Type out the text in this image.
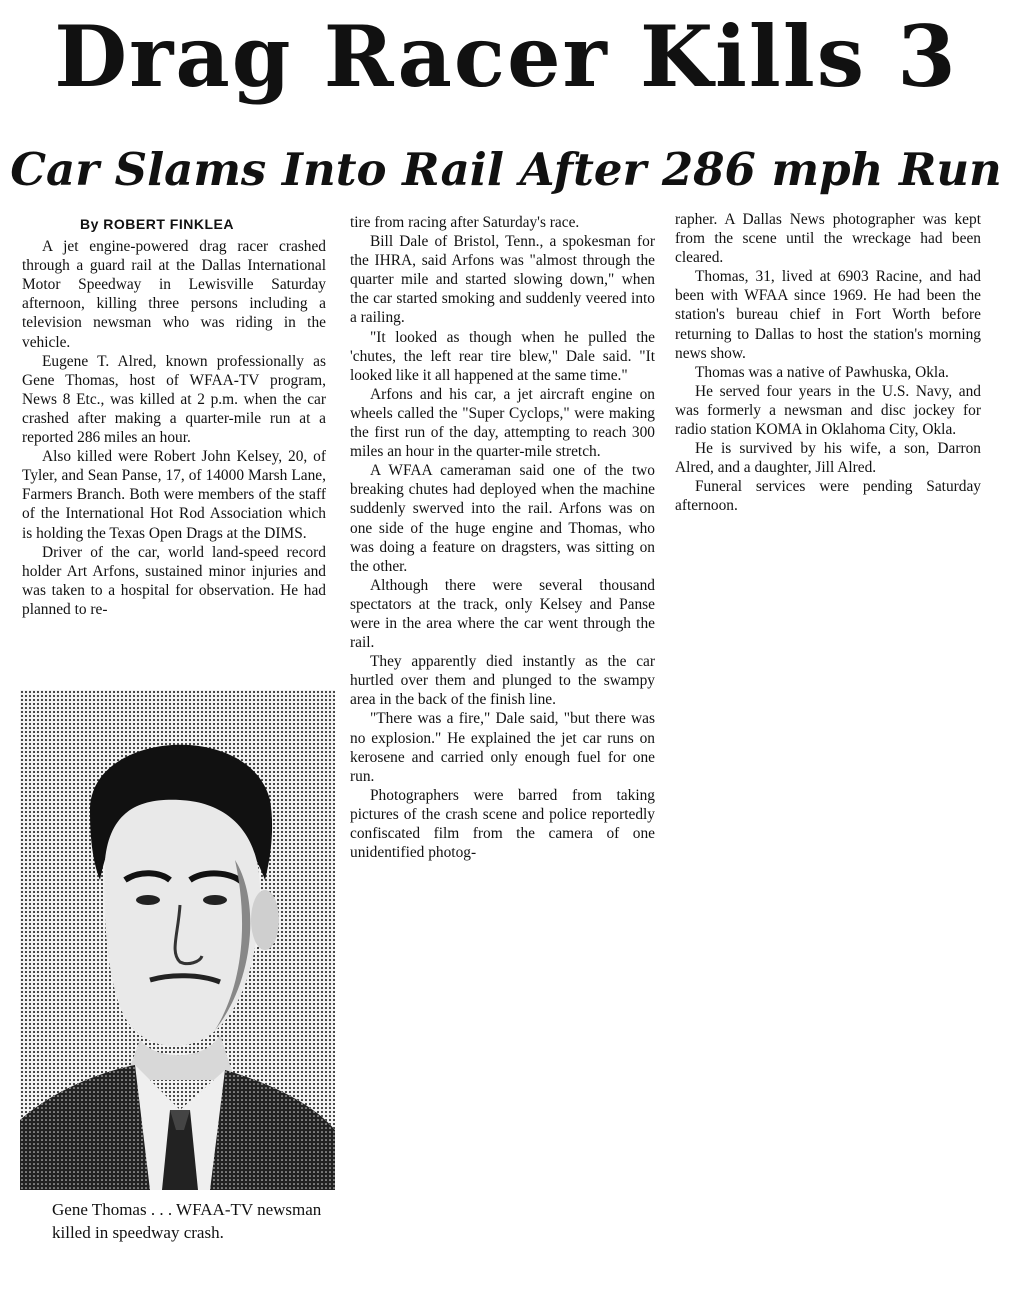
Drag Racer Kills 3
Car Slams Into Rail After 286 mph Run
By ROBERT FINKLEA

A jet engine-powered drag racer crashed through a guard rail at the Dallas International Motor Speedway in Lewisville Saturday afternoon, killing three persons including a television newsman who was riding in the vehicle.

Eugene T. Alred, known professionally as Gene Thomas, host of WFAA-TV program, News 8 Etc., was killed at 2 p.m. when the car crashed after making a quarter-mile run at a reported 286 miles an hour.

Also killed were Robert John Kelsey, 20, of Tyler, and Sean Panse, 17, of 14000 Marsh Lane, Farmers Branch. Both were members of the staff of the International Hot Rod Association which is holding the Texas Open Drags at the DIMS.

Driver of the car, world land-speed record holder Art Arfons, sustained minor injuries and was taken to a hospital for observation. He had planned to re-

tire from racing after Saturday's race.

Bill Dale of Bristol, Tenn., a spokesman for the IHRA, said Arfons was "almost through the quarter mile and started slowing down," when the car started smoking and suddenly veered into a railing.

"It looked as though when he pulled the 'chutes, the left rear tire blew," Dale said. "It looked like it all happened at the same time."

Arfons and his car, a jet aircraft engine on wheels called the "Super Cyclops," were making the first run of the day, attempting to reach 300 miles an hour in the quarter-mile stretch.

A WFAA cameraman said one of the two breaking chutes had deployed when the machine suddenly swerved into the rail. Arfons was on one side of the huge engine and Thomas, who was doing a feature on dragsters, was sitting on the other.

Although there were several thousand spectators at the track, only Kelsey and Panse were in the area where the car went through the rail.

They apparently died instantly as the car hurtled over them and plunged to the swampy area in the back of the finish line.

"There was a fire," Dale said, "but there was no explosion." He explained the jet car runs on kerosene and carried only enough fuel for one run.

Photographers were barred from taking pictures of the crash scene and police reportedly confiscated film from the camera of one unidentified photog-

rapher. A Dallas News photographer was kept from the scene until the wreckage had been cleared.

Thomas, 31, lived at 6903 Racine, and had been with WFAA since 1969. He had been the station's bureau chief in Fort Worth before returning to Dallas to host the station's morning news show.

Thomas was a native of Pawhuska, Okla.

He served four years in the U.S. Navy, and was formerly a newsman and disc jockey for radio station KOMA in Oklahoma City, Okla.

He is survived by his wife, a son, Darron Alred, and a daughter, Jill Alred.

Funeral services were pending Saturday afternoon.

Gene Thomas . . . WFAA-TV newsman killed in speedway crash.
